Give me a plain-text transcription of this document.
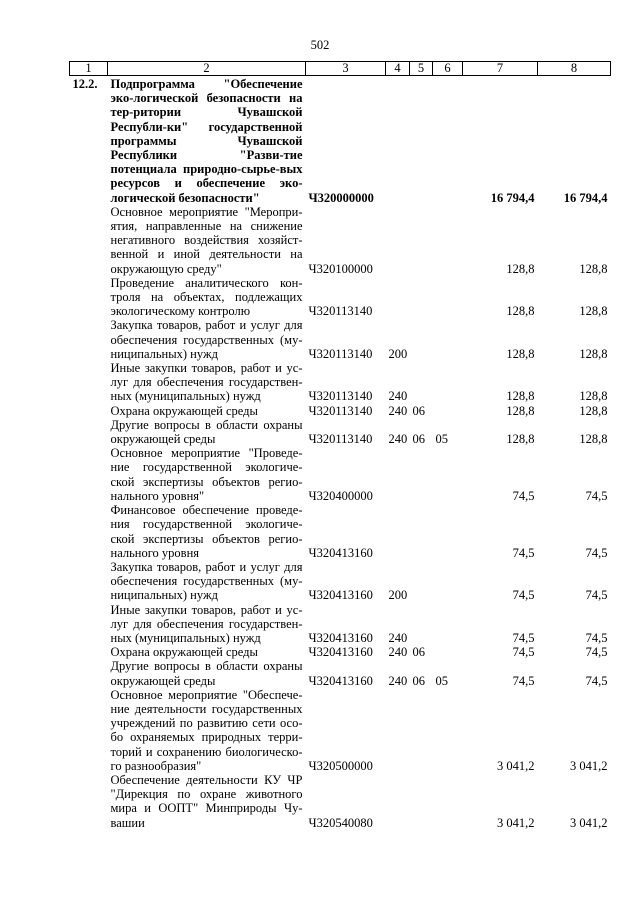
502
1	2	3	4	5	6	7	8
12.2.	Подпрограмма "Обеспечение эко-логической безопасности на тер-ритории Чувашской Республи-ки" государственной программы Чувашской Республики "Разви-тие потенциала природно-сырье-вых ресурсов и обеспечение эко-логической безопасности"	Ч320000000				16 794,4	16 794,4
	Основное мероприятие "Меропри-ятия, направленные на снижение негативного воздействия хозяйст-венной и иной деятельности на окружающую среду"	Ч320100000				128,8	128,8
	Проведение аналитического кон-троля на объектах, подлежащих экологическому контролю	Ч320113140				128,8	128,8
	Закупка товаров, работ и услуг для обеспечения государственных (му-ниципальных) нужд	Ч320113140	200			128,8	128,8
	Иные закупки товаров, работ и ус-луг для обеспечения государствен-ных (муниципальных) нужд	Ч320113140	240			128,8	128,8
	Охрана окружающей среды	Ч320113140	240	06		128,8	128,8
	Другие вопросы в области охраны окружающей среды	Ч320113140	240	06	05	128,8	128,8
	Основное мероприятие "Проведе-ние государственной экологиче-ской экспертизы объектов регио-нального уровня"	Ч320400000				74,5	74,5
	Финансовое обеспечение проведе-ния государственной экологиче-ской экспертизы объектов регио-нального уровня	Ч320413160				74,5	74,5
	Закупка товаров, работ и услуг для обеспечения государственных (му-ниципальных) нужд	Ч320413160	200			74,5	74,5
	Иные закупки товаров, работ и ус-луг для обеспечения государствен-ных (муниципальных) нужд	Ч320413160	240			74,5	74,5
	Охрана окружающей среды	Ч320413160	240	06		74,5	74,5
	Другие вопросы в области охраны окружающей среды	Ч320413160	240	06	05	74,5	74,5
	Основное мероприятие "Обеспече-ние деятельности государственных учреждений по развитию сети осо-бо охраняемых природных терри-торий и сохранению биологическо-го разнообразия"	Ч320500000				3 041,2	3 041,2
	Обеспечение деятельности КУ ЧР "Дирекция по охране животного мира и ООПТ" Минприроды Чу-вашии	Ч320540080				3 041,2	3 041,2
